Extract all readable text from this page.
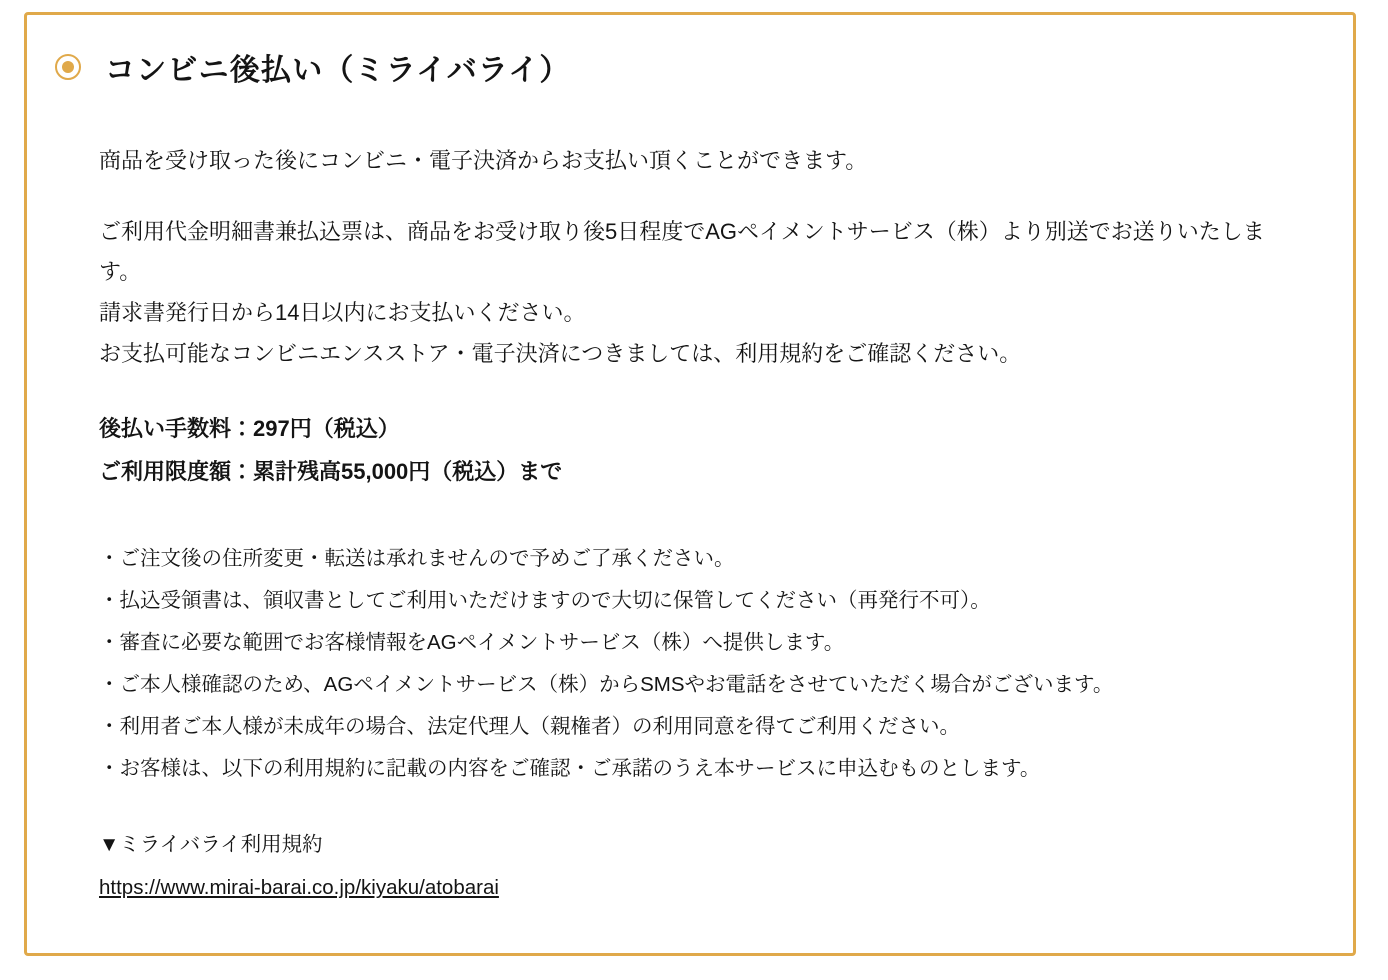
コンビニ後払い（ミライバライ）

商品を受け取った後にコンビニ・電子決済からお支払い頂くことができます。

ご利用代金明細書兼払込票は、商品をお受け取り後5日程度でAGペイメントサービス（株）より別送でお送りいたします。
請求書発行日から14日以内にお支払いください。
お支払可能なコンビニエンスストア・電子決済につきましては、利用規約をご確認ください。
後払い手数料：297円（税込）
ご利用限度額：累計残高55,000円（税込）まで
・ご注文後の住所変更・転送は承れませんので予めご了承ください。
・払込受領書は、領収書としてご利用いただけますので大切に保管してください（再発行不可）。
・審査に必要な範囲でお客様情報をAGペイメントサービス（株）へ提供します。
・ご本人様確認のため、AGペイメントサービス（株）からSMSやお電話をさせていただく場合がございます。
・利用者ご本人様が未成年の場合、法定代理人（親権者）の利用同意を得てご利用ください。
・お客様は、以下の利用規約に記載の内容をご確認・ご承諾のうえ本サービスに申込むものとします。
▼ミライバライ利用規約
https://www.mirai-barai.co.jp/kiyaku/atobarai
